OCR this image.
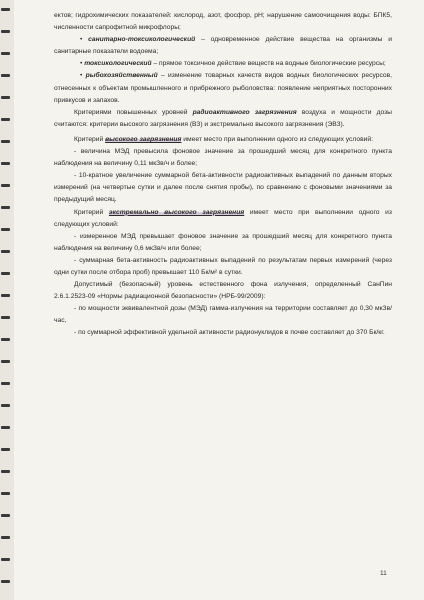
ектов; гидрохимических показателей: кислород, азот, фосфор, pH; нарушение самоочищения воды: БПК5, численности сапрофитной микрофлоры;

• санитарно-токсикологический – одновременное действие вещества на организмы и санитарные показатели водоема;

• токсикологический – прямое токсичное действие веществ на водные биологические ресурсы;

• рыбохозяйственный – изменение товарных качеств видов водных биологических ресурсов, отнесенных к объектам промышленного и прибрежного рыболовства: появление неприятных посторонних привкусов и запахов.

Критериями повышенных уровней радиоактивного загрязнения воздуха и мощности дозы считаются: критерии высокого загрязнения (ВЗ) и экстремально высокого загрязнения (ЭВЗ).

Критерий высокого загрязнения имеет место при выполнении одного из следующих условий:

- величина МЭД превысила фоновое значение за прошедший месяц для конкретного пункта наблюдения на величину 0,11 мкЗв/ч и более;

- 10-кратное увеличение суммарной бета-активности радиоактивных выпадений по данным вторых измерений (на четвертые сутки и далее после снятия пробы), по сравнению с фоновыми значениями за предыдущий месяц.

Критерий экстремально высокого загрязнения имеет место при выполнении одного из следующих условий:

- измеренное МЭД превышает фоновое значение за прошедший месяц для конкретного пункта наблюдения на величину 0,6 мкЗв/ч или более;

- суммарная бета-активность радиоактивных выпадений по результатам первых измерений (через одни сутки после отбора проб) превышает 110 Бк/м² в сутки.

Допустимый (безопасный) уровень естественного фона излучения, определенный СанПин 2.6.1.2523-09 «Нормы радиационной безопасности» (НРБ-99/2009):

- по мощности эквивалентной дозы (МЭД) гамма-излучения на территории составляет до 0,30 мкЗв/час,

- по суммарной эффективной удельной активности радионуклидов в почве составляет до 370 Бк/кг.

11
